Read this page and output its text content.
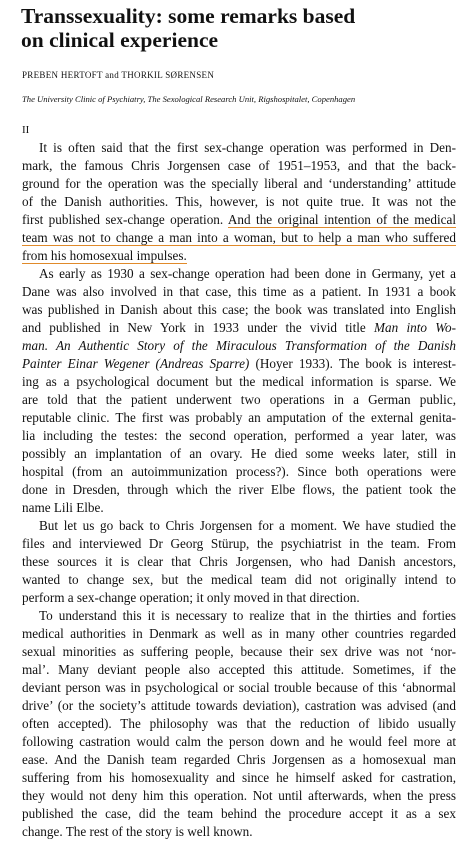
Transsexuality: some remarks based
on clinical experience
PREBEN HERTOFT and THORKIL SØRENSEN
The University Clinic of Psychiatry, The Sexological Research Unit, Rigshospitalet, Copenhagen
II
It is often said that the first sex-change operation was performed in Den-
mark, the famous Chris Jorgensen case of 1951–1953, and that the back-
ground for the operation was the specially liberal and ‘understanding’ attitude
of the Danish authorities. This, however, is not quite true. It was not the
first published sex-change operation. And the original intention of the medical
team was not to change a man into a woman, but to help a man who suffered
from his homosexual impulses.
As early as 1930 a sex-change operation had been done in Germany, yet a
Dane was also involved in that case, this time as a patient. In 1931 a book
was published in Danish about this case; the book was translated into English
and published in New York in 1933 under the vivid title Man into Wo-
man. An Authentic Story of the Miraculous Transformation of the Danish
Painter Einar Wegener (Andreas Sparre) (Hoyer 1933). The book is interest-
ing as a psychological document but the medical information is sparse. We
are told that the patient underwent two operations in a German public,
reputable clinic. The first was probably an amputation of the external genita-
lia including the testes: the second operation, performed a year later, was
possibly an implantation of an ovary. He died some weeks later, still in
hospital (from an autoimmunization process?). Since both operations were
done in Dresden, through which the river Elbe flows, the patient took the
name Lili Elbe.
But let us go back to Chris Jorgensen for a moment. We have studied the
files and interviewed Dr Georg Stürup, the psychiatrist in the team. From
these sources it is clear that Chris Jorgensen, who had Danish ancestors,
wanted to change sex, but the medical team did not originally intend to
perform a sex-change operation; it only moved in that direction.
To understand this it is necessary to realize that in the thirties and forties
medical authorities in Denmark as well as in many other countries regarded
sexual minorities as suffering people, because their sex drive was not ‘nor-
mal’. Many deviant people also accepted this attitude. Sometimes, if the
deviant person was in psychological or social trouble because of this ‘abnormal
drive’ (or the society’s attitude towards deviation), castration was advised (and
often accepted). The philosophy was that the reduction of libido usually
following castration would calm the person down and he would feel more at
ease. And the Danish team regarded Chris Jorgensen as a homosexual man
suffering from his homosexuality and since he himself asked for castration,
they would not deny him this operation. Not until afterwards, when the press
published the case, did the team behind the procedure accept it as a sex
change. The rest of the story is well known.
